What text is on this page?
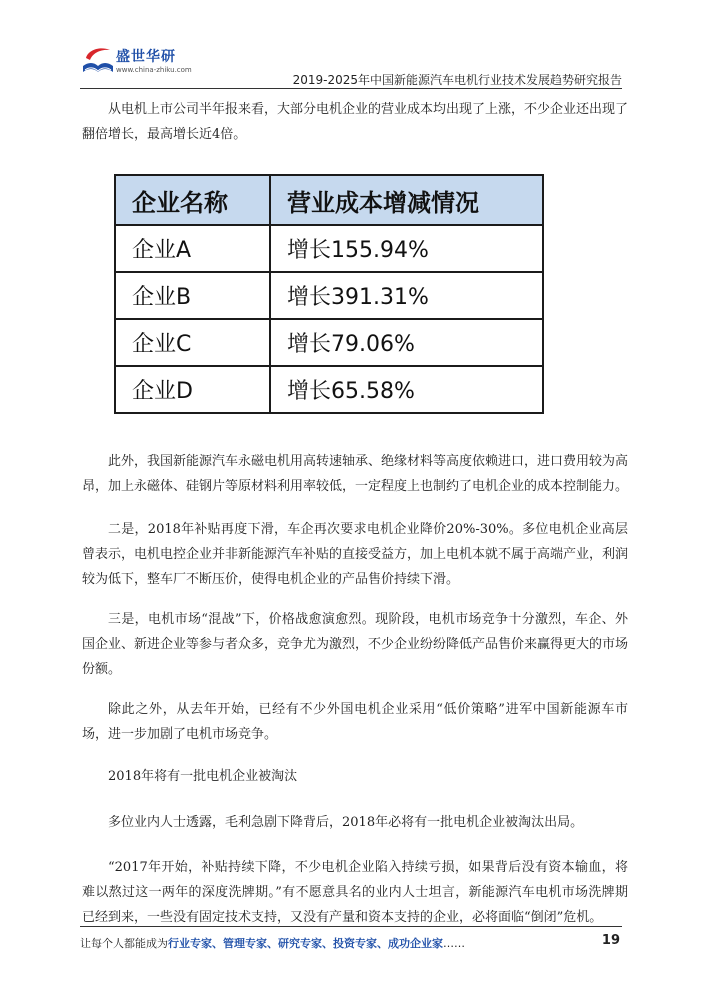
盛世华研
www.china-zhiku.com
2019-2025年中国新能源汽车电机行业技术发展趋势研究报告

从电机上市公司半年报来看，大部分电机企业的营业成本均出现了上涨，不少企业还出现了翻倍增长，最高增长近4倍。

企业名称	营业成本增减情况
企业A	增长155.94%
企业B	增长391.31%
企业C	增长79.06%
企业D	增长65.58%

此外，我国新能源汽车永磁电机用高转速轴承、绝缘材料等高度依赖进口，进口费用较为高昂，加上永磁体、硅钢片等原材料利用率较低，一定程度上也制约了电机企业的成本控制能力。

二是，2018年补贴再度下滑，车企再次要求电机企业降价20%-30%。多位电机企业高层曾表示，电机电控企业并非新能源汽车补贴的直接受益方，加上电机本就不属于高端产业，利润较为低下，整车厂不断压价，使得电机企业的产品售价持续下滑。

三是，电机市场“混战”下，价格战愈演愈烈。现阶段，电机市场竞争十分激烈，车企、外国企业、新进企业等参与者众多，竞争尤为激烈，不少企业纷纷降低产品售价来赢得更大的市场份额。

除此之外，从去年开始，已经有不少外国电机企业采用“低价策略”进军中国新能源车市场，进一步加剧了电机市场竞争。

2018年将有一批电机企业被淘汰

多位业内人士透露，毛利急剧下降背后，2018年必将有一批电机企业被淘汰出局。

“2017年开始，补贴持续下降，不少电机企业陷入持续亏损，如果背后没有资本输血，将难以熬过这一两年的深度洗牌期。”有不愿意具名的业内人士坦言，新能源汽车电机市场洗牌期已经到来，一些没有固定技术支持，又没有产量和资本支持的企业，必将面临“倒闭”危机。

让每个人都能成为行业专家、管理专家、研究专家、投资专家、成功企业家……	19
